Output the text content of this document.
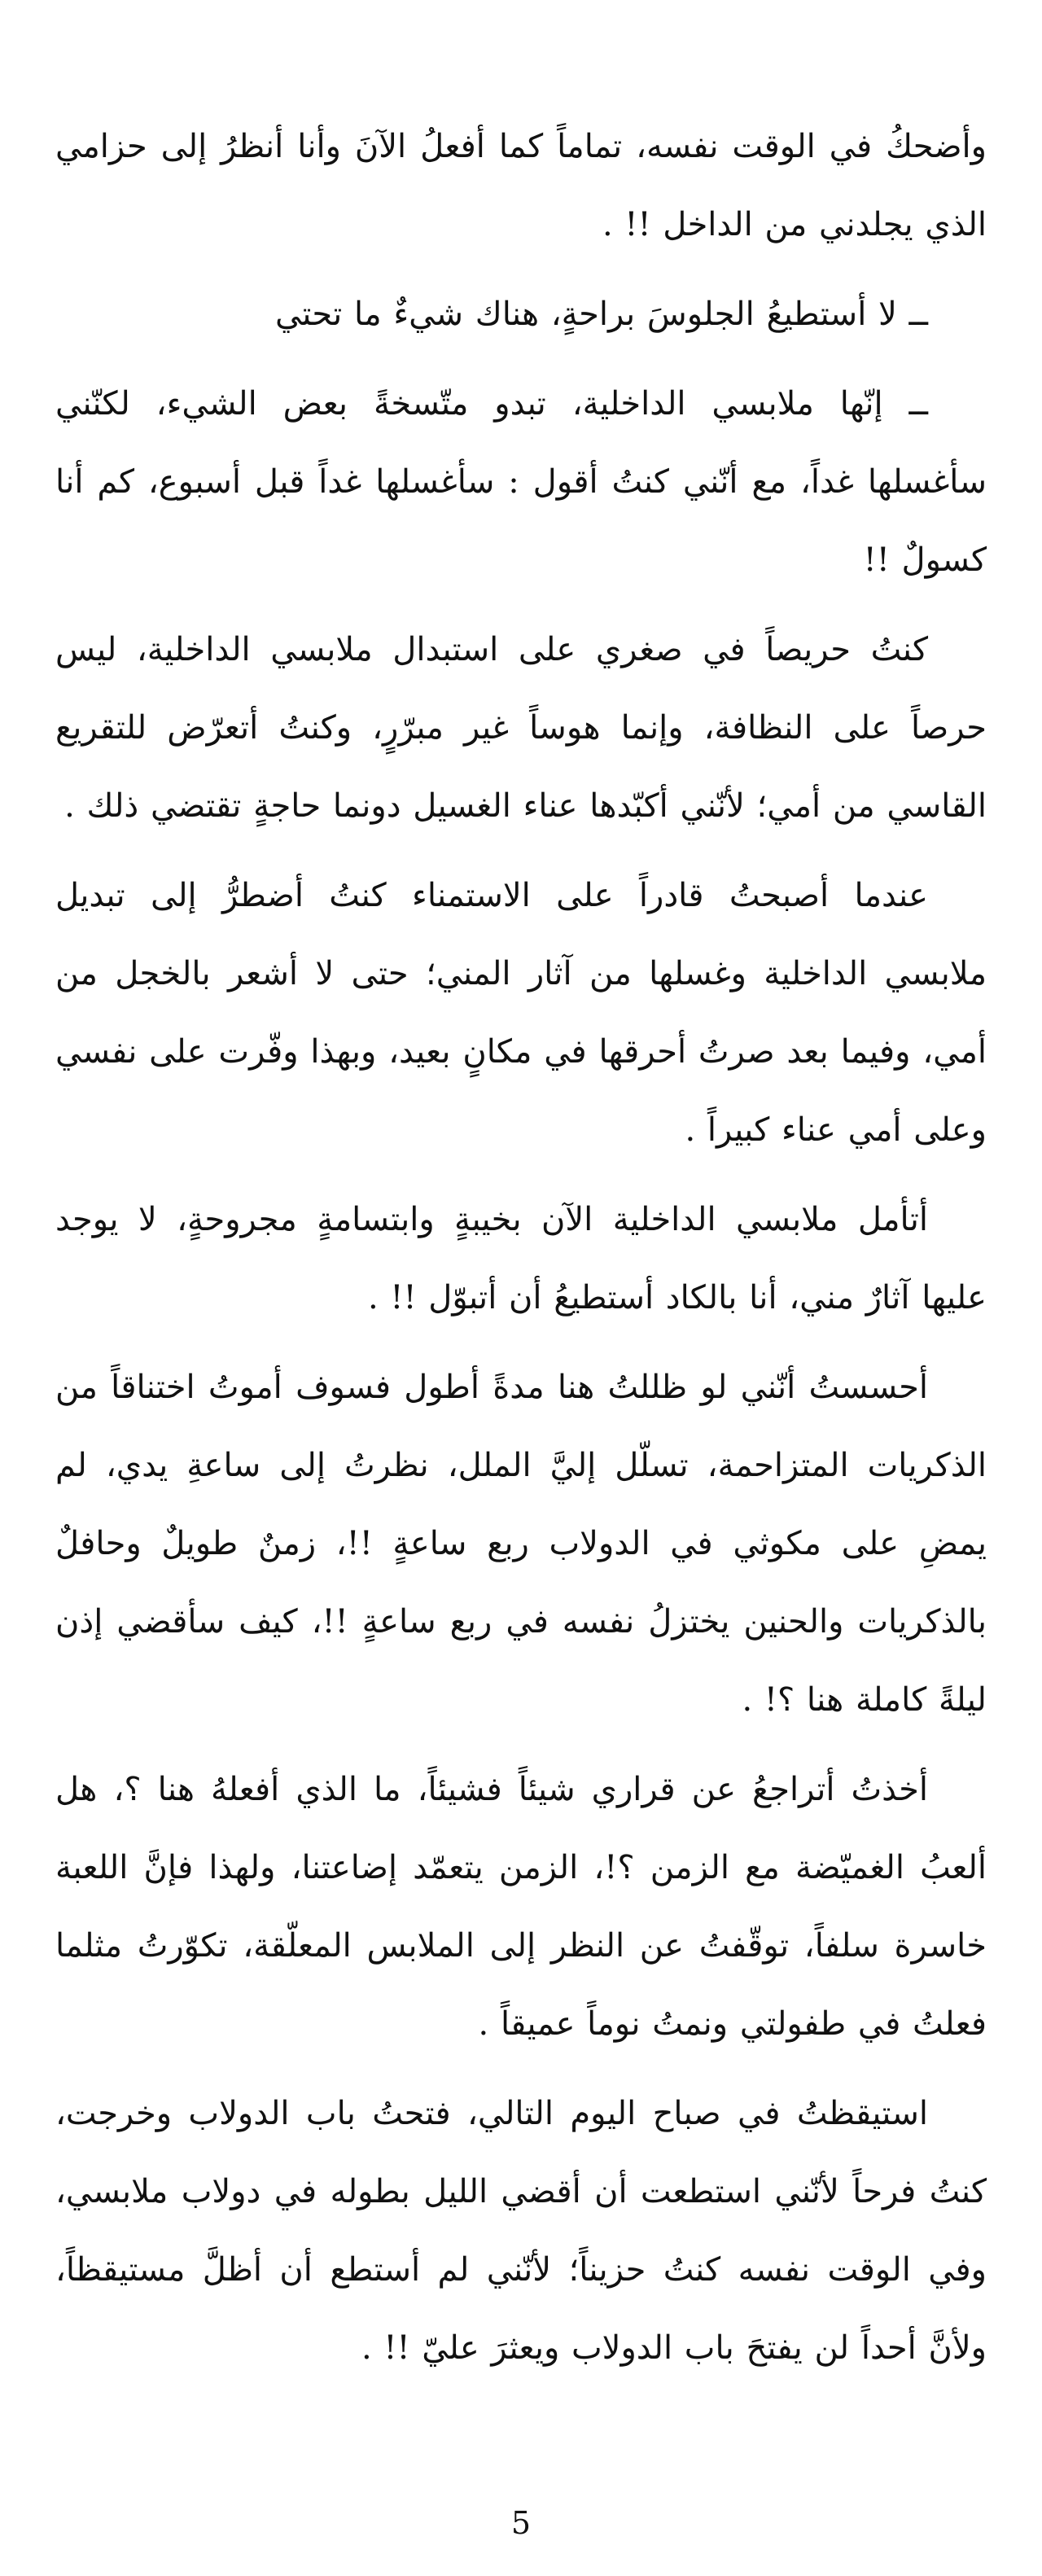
وأضحكُ في الوقت نفسه، تماماً كما أفعلُ الآنَ وأنا أنظرُ إلى حزامي الذي يجلدني من الداخل !! .

ــ لا أستطيعُ الجلوسَ براحةٍ، هناك شيءٌ ما تحتي

ــ إنّها ملابسي الداخلية، تبدو متّسخةً بعض الشيء، لكنّني سأغسلها غداً، مع أنّني كنتُ أقول : سأغسلها غداً قبل أسبوع، كم أنا كسولٌ !!

كنتُ حريصاً في صغري على استبدال ملابسي الداخلية، ليس حرصاً على النظافة، وإنما هوساً غير مبرّرٍ، وكنتُ أتعرّض للتقريع القاسي من أمي؛ لأنّني أكبّدها عناء الغسيل دونما حاجةٍ تقتضي ذلك .

عندما أصبحتُ قادراً على الاستمناء كنتُ أضطرُّ إلى تبديل ملابسي الداخلية وغسلها من آثار المني؛ حتى لا أشعر بالخجل من أمي، وفيما بعد صرتُ أحرقها في مكانٍ بعيد، وبهذا وفّرت على نفسي وعلى أمي عناء كبيراً .

أتأمل ملابسي الداخلية الآن بخيبةٍ وابتسامةٍ مجروحةٍ، لا يوجد عليها آثارٌ مني، أنا بالكاد أستطيعُ أن أتبوّل !! .

أحسستُ أنّني لو ظللتُ هنا مدةً أطول فسوف أموتُ اختناقاً من الذكريات المتزاحمة، تسلّل إليَّ الملل، نظرتُ إلى ساعةِ يدي، لم يمضِ على مكوثي في الدولاب ربع ساعةٍ !!، زمنٌ طويلٌ وحافلٌ بالذكريات والحنين يختزلُ نفسه في ربع ساعةٍ !!، كيف سأقضي إذن ليلةً كاملة هنا ؟! .

أخذتُ أتراجعُ عن قراري شيئاً فشيئاً، ما الذي أفعلهُ هنا ؟، هل ألعبُ الغميّضة مع الزمن ؟!، الزمن يتعمّد إضاعتنا، ولهذا فإنَّ اللعبة خاسرة سلفاً، توقّفتُ عن النظر إلى الملابس المعلّقة، تكوّرتُ مثلما فعلتُ في طفولتي ونمتُ نوماً عميقاً .

استيقظتُ في صباح اليوم التالي، فتحتُ باب الدولاب وخرجت، كنتُ فرحاً لأنّني استطعت أن أقضي الليل بطوله في دولاب ملابسي، وفي الوقت نفسه كنتُ حزيناً؛ لأنّني لم أستطع أن أظلَّ مستيقظاً، ولأنَّ أحداً لن يفتحَ باب الدولاب ويعثرَ عليّ !! .

5
